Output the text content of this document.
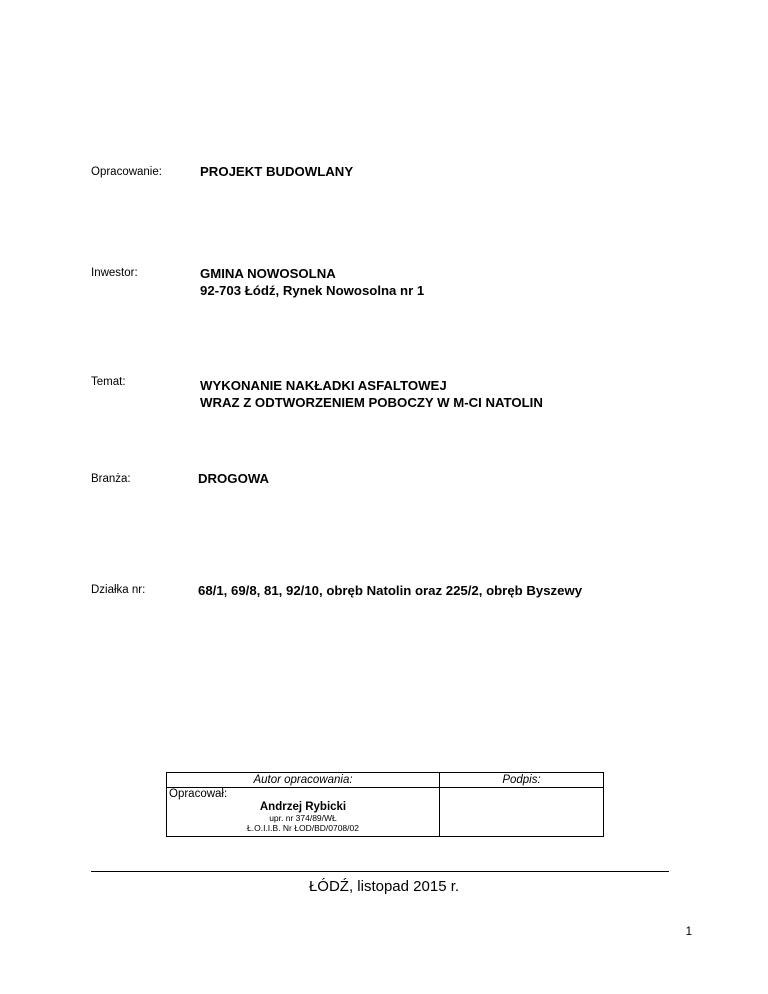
Opracowanie:	PROJEKT BUDOWLANY
Inwestor:	GMINA NOWOSOLNA
92-703 Łódź, Rynek Nowosolna nr 1
Temat:	WYKONANIE NAKŁADKI ASFALTOWEJ
WRAZ Z ODTWORZENIEM POBOCZY W M-CI NATOLIN
Branża:	DROGOWA
Działka nr:	68/1, 69/8, 81, 92/10, obręb Natolin oraz 225/2, obręb Byszewy
Autor opracowania:	Podpis:

Opracował:
Andrzej Rybicki
upr. nr 374/89/WŁ
Ł.O.I.I.B. Nr ŁOD/BD/0708/02	

ŁÓDŹ, listopad 2015 r.
1
